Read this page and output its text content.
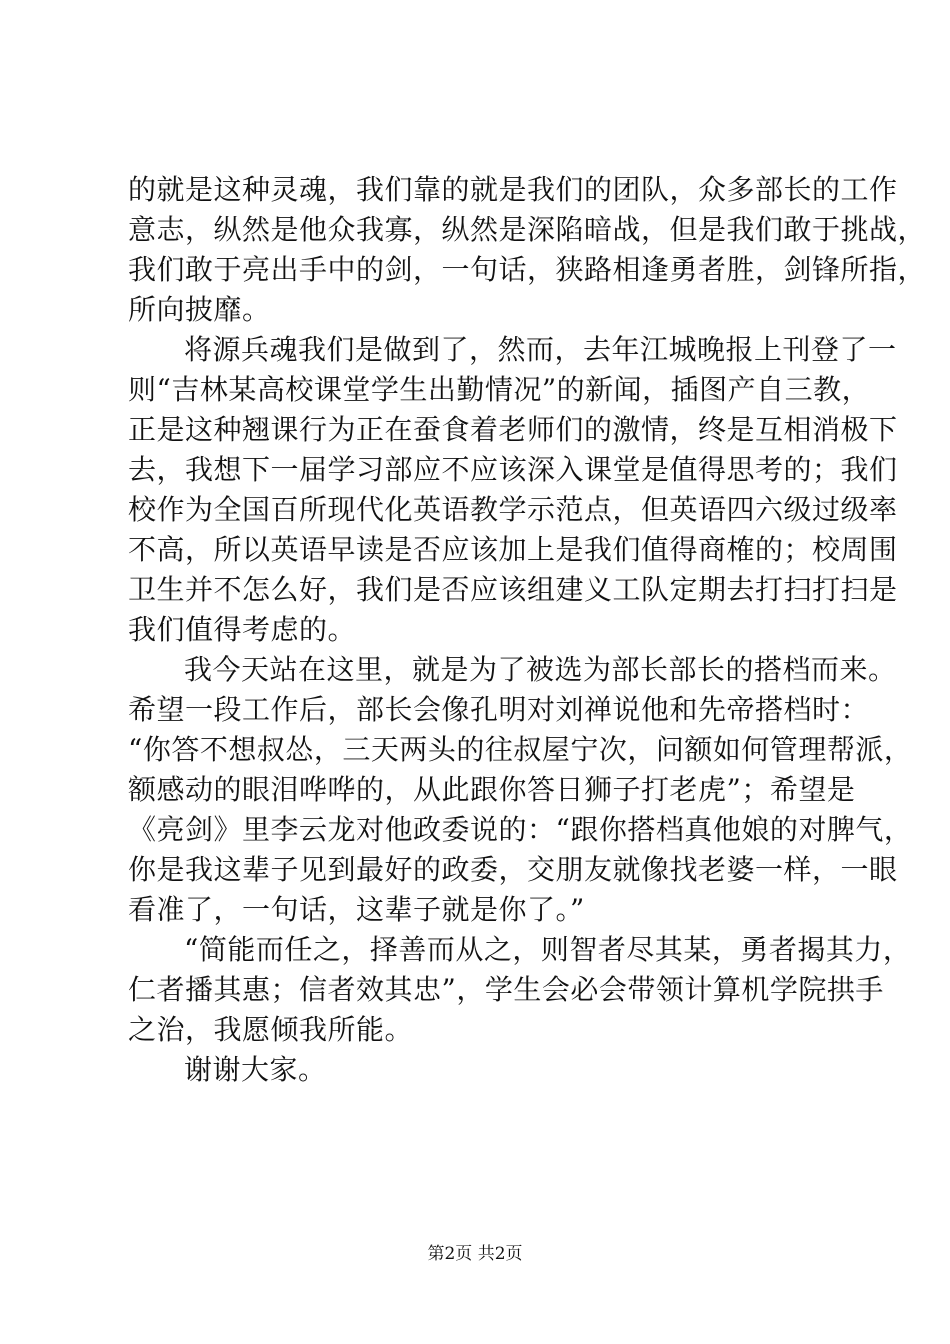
的就是这种灵魂，我们靠的就是我们的团队，众多部长的工作
意志，纵然是他众我寡，纵然是深陷暗战，但是我们敢于挑战，
我们敢于亮出手中的剑，一句话，狭路相逢勇者胜，剑锋所指，
所向披靡。
将源兵魂我们是做到了，然而，去年江城晚报上刊登了一
则“吉林某高校课堂学生出勤情况”的新闻，插图产自三教，
正是这种翘课行为正在蚕食着老师们的激情，终是互相消极下
去，我想下一届学习部应不应该深入课堂是值得思考的；我们
校作为全国百所现代化英语教学示范点，但英语四六级过级率
不高，所以英语早读是否应该加上是我们值得商榷的；校周围
卫生并不怎么好，我们是否应该组建义工队定期去打扫打扫是
我们值得考虑的。
我今天站在这里，就是为了被选为部长部长的搭档而来。
希望一段工作后，部长会像孔明对刘禅说他和先帝搭档时：
“你答不想叔怂，三天两头的往叔屋宁次，问额如何管理帮派，
额感动的眼泪哗哗的，从此跟你答日狮子打老虎”；希望是
《亮剑》里李云龙对他政委说的：“跟你搭档真他娘的对脾气，
你是我这辈子见到最好的政委，交朋友就像找老婆一样，一眼
看准了，一句话，这辈子就是你了。”
“简能而任之，择善而从之，则智者尽其某，勇者揭其力，
仁者播其惠；信者效其忠”，学生会必会带领计算机学院拱手
之治，我愿倾我所能。
谢谢大家。
第2页 共2页
